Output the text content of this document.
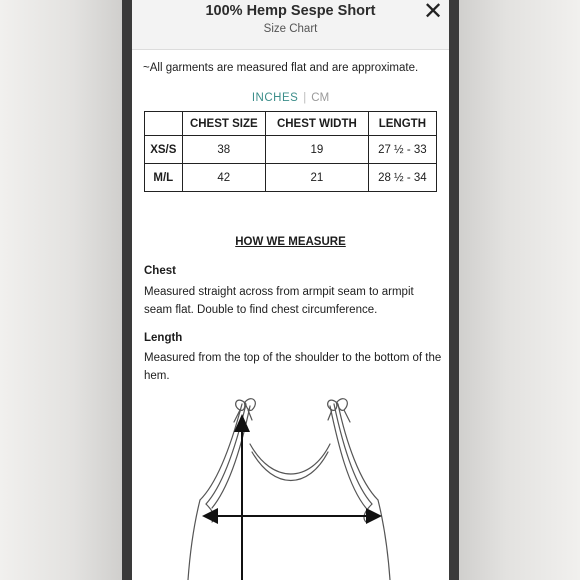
100% Hemp Sespe Short
Size Chart
✕
~All garments are measured flat and are approximate.
INCHES | CM
	CHEST SIZE	CHEST WIDTH	LENGTH
XS/S	38	19	27 ½ - 33
M/L	42	21	28 ½ - 34
HOW WE MEASURE
Chest
Measured straight across from armpit seam to armpit seam flat. Double to find chest circumference.
Length
Measured from the top of the shoulder to the bottom of the hem.
